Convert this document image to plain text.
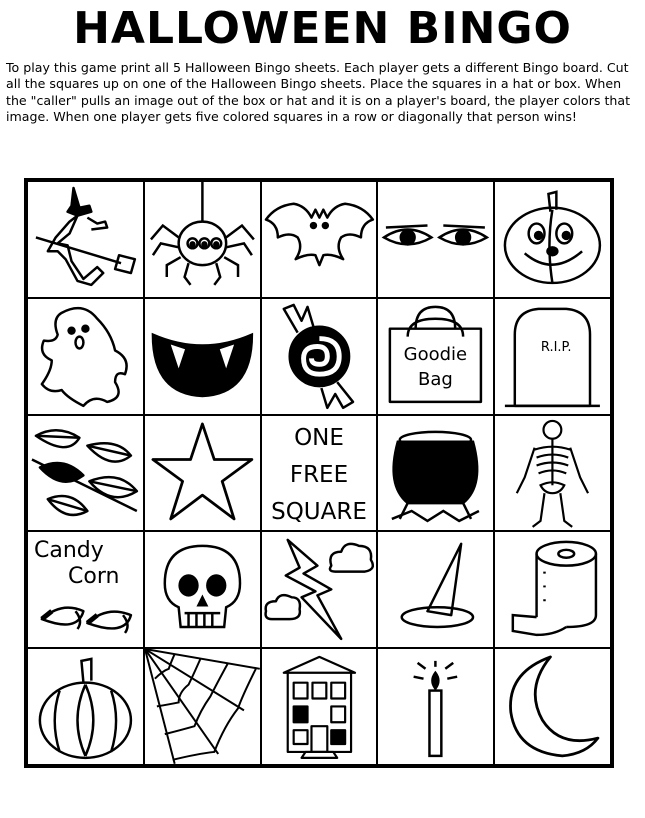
HALLOWEEN BINGO
To play this game print all 5 Halloween Bingo sheets. Each player gets a different Bingo board. Cut all the squares up on one of the Halloween Bingo sheets. Place the squares in a hat or box. When the "caller" pulls an image out of the box or hat and it is on a player's board, the player colors that image. When one player gets five colored squares in a row or diagonally that person wins!
Goodie
Bag
R.I.P.
ONE
FREE
SQUARE
Candy
Corn
